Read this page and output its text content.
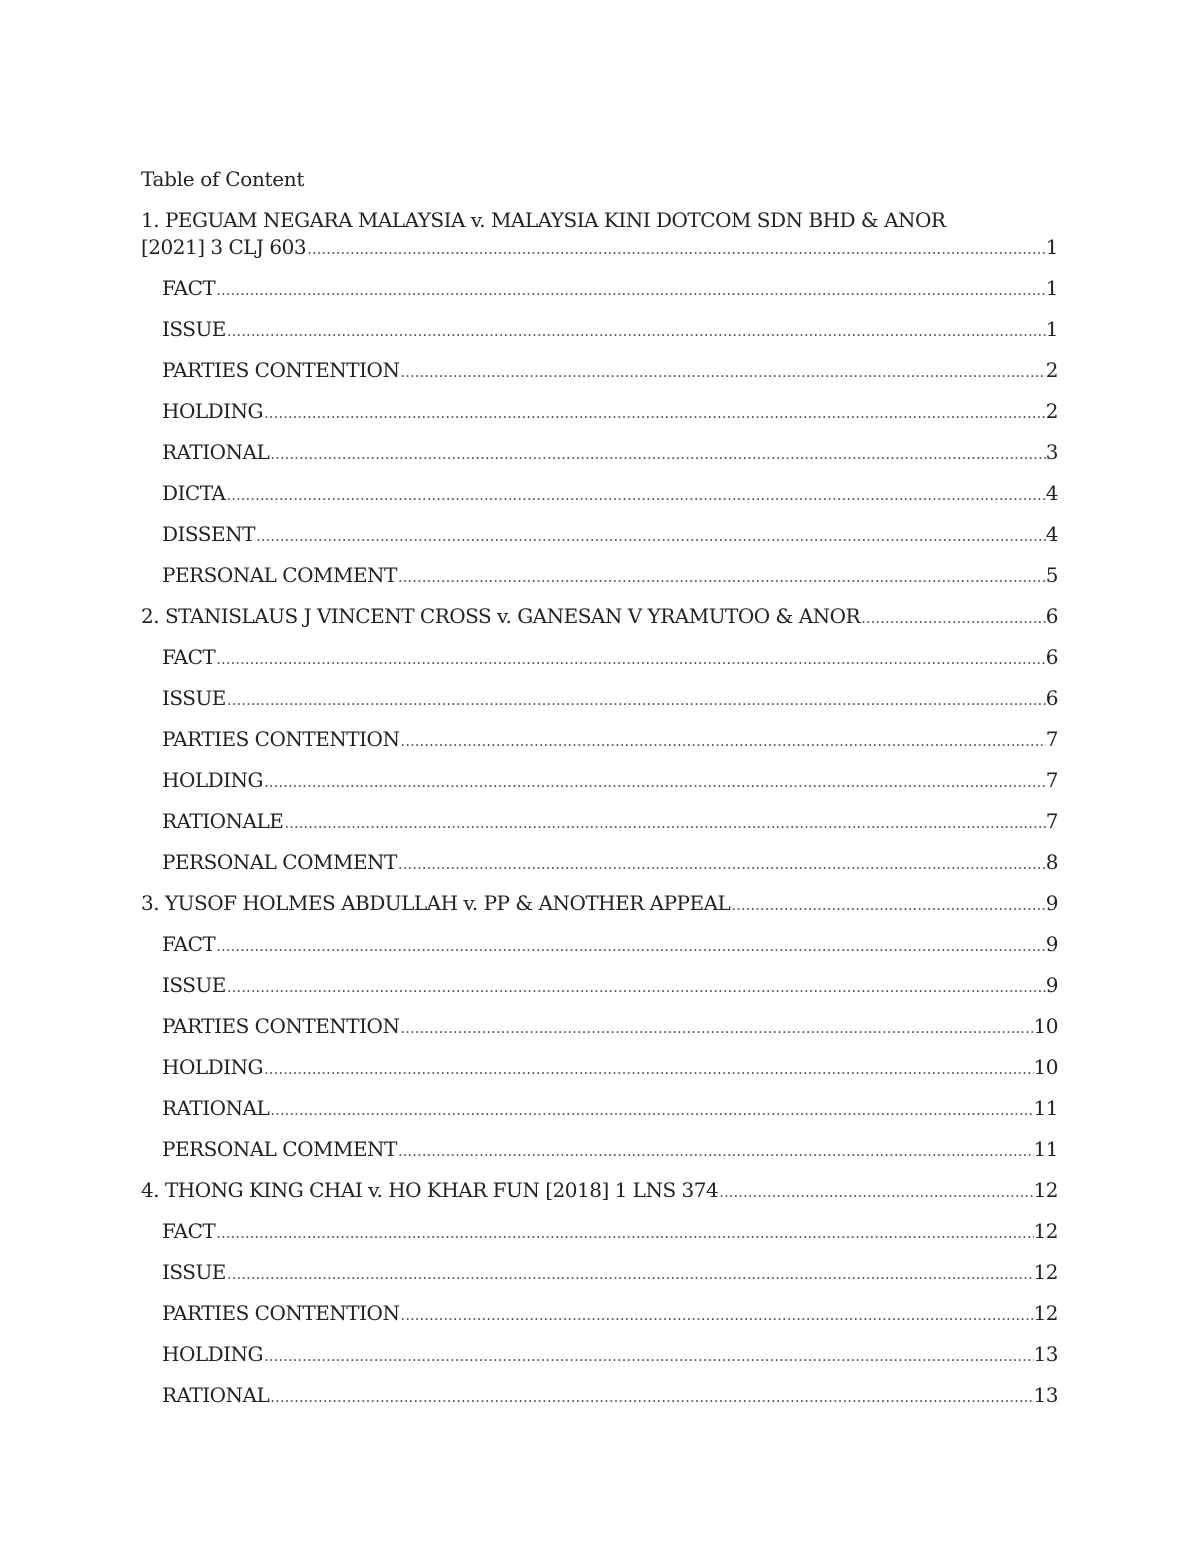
Table of Content
1. PEGUAM NEGARA MALAYSIA v. MALAYSIA KINI DOTCOM SDN BHD & ANOR
[2021] 3 CLJ 603 .....	1
FACT .....	1
ISSUE .....	1
PARTIES CONTENTION .....	2
HOLDING .....	2
RATIONAL .....	3
DICTA .....	4
DISSENT .....	4
PERSONAL COMMENT .....	5
2. STANISLAUS J VINCENT CROSS v. GANESAN V YRAMUTOO & ANOR .....	6
FACT .....	6
ISSUE .....	6
PARTIES CONTENTION .....	7
HOLDING .....	7
RATIONALE .....	7
PERSONAL COMMENT .....	8
3. YUSOF HOLMES ABDULLAH v. PP & ANOTHER APPEAL .....	9
FACT .....	9
ISSUE .....	9
PARTIES CONTENTION .....	10
HOLDING .....	10
RATIONAL .....	11
PERSONAL COMMENT .....	11
4. THONG KING CHAI v. HO KHAR FUN [2018] 1 LNS 374 .....	12
FACT .....	12
ISSUE .....	12
PARTIES CONTENTION .....	12
HOLDING .....	13
RATIONAL .....	13
